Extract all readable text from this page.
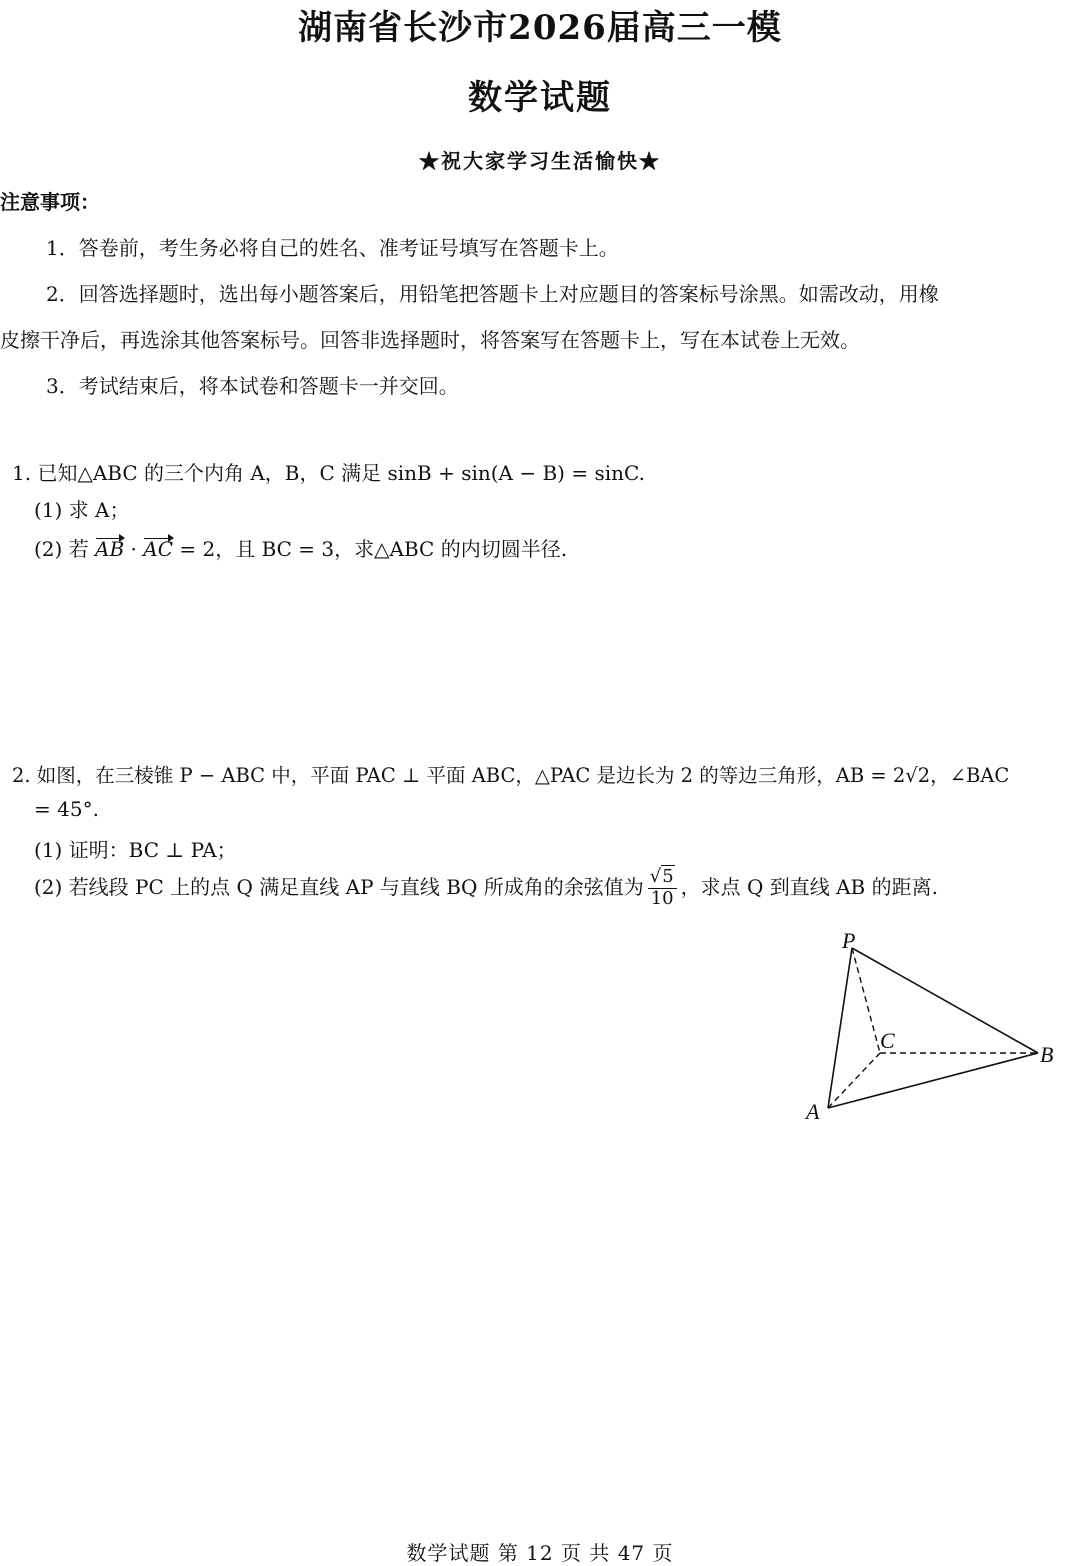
湖南省长沙市2026届高三一模
数学试题
★祝大家学习生活愉快★
注意事项：
1．答卷前，考生务必将自己的姓名、准考证号填写在答题卡上。
2．回答选择题时，选出每小题答案后，用铅笔把答题卡上对应题目的答案标号涂黑。如需改动，用橡
皮擦干净后，再选涂其他答案标号。回答非选择题时，将答案写在答题卡上，写在本试卷上无效。
3．考试结束后，将本试卷和答题卡一并交回。
1. 已知△ABC 的三个内角 A，B，C 满足 sinB + sin(A − B) = sinC.
(1) 求 A；
(2) 若 AB · AC = 2，且 BC = 3，求△ABC 的内切圆半径.
2. 如图，在三棱锥 P − ABC 中，平面 PAC ⊥ 平面 ABC，△PAC 是边长为 2 的等边三角形，AB = 2√2，∠BAC
= 45°.
(1) 证明：BC ⊥ PA；
(2) 若线段 PC 上的点 Q 满足直线 AP 与直线 BQ 所成角的余弦值为 $\frac{√5}{10}$ ，求点 Q 到直线 AB 的距离.
P
C
B
A
数学试题 第 12 页 共 47 页
